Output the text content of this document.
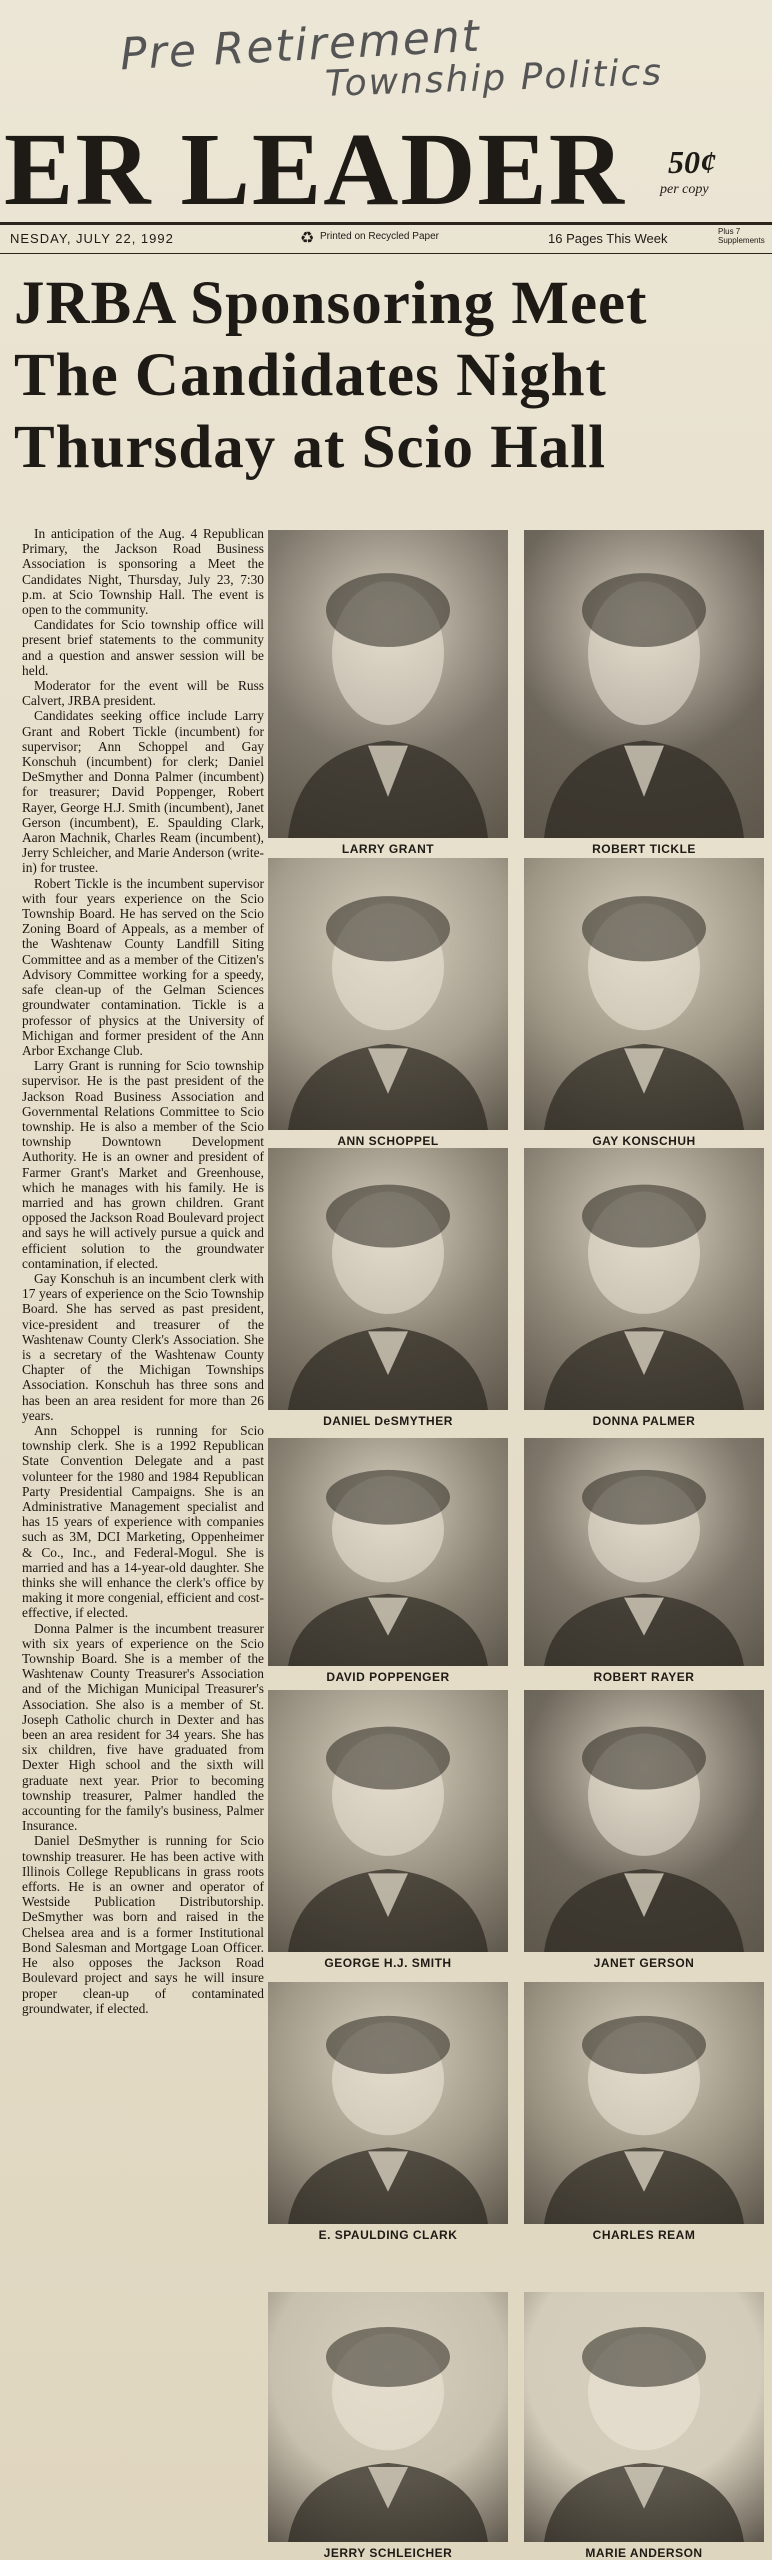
Pre Retirement
Township Politics
ER LEADER 50¢
per copy
NESDAY, JULY 22, 1992	♻ Printed on Recycled Paper	16 Pages This Week	Plus 7 Supplements
JRBA Sponsoring Meet
The Candidates Night
Thursday at Scio Hall

In anticipation of the Aug. 4 Republican Primary, the Jackson Road Business Association is sponsoring a Meet the Candidates Night, Thursday, July 23, 7:30 p.m. at Scio Township Hall. The event is open to the community.

Candidates for Scio township office will present brief statements to the community and a question and answer session will be held.

Moderator for the event will be Russ Calvert, JRBA president.

Candidates seeking office include Larry Grant and Robert Tickle (incumbent) for supervisor; Ann Schoppel and Gay Konschuh (incumbent) for clerk; Daniel DeSmyther and Donna Palmer (incumbent) for treasurer; David Poppenger, Robert Rayer, George H.J. Smith (incumbent), Janet Gerson (incumbent), E. Spaulding Clark, Aaron Machnik, Charles Ream (incumbent), Jerry Schleicher, and Marie Anderson (write-in) for trustee.

Robert Tickle is the incumbent supervisor with four years experience on the Scio Township Board. He has served on the Scio Zoning Board of Appeals, as a member of the Washtenaw County Landfill Siting Committee and as a member of the Citizen's Advisory Committee working for a speedy, safe clean-up of the Gelman Sciences groundwater contamination. Tickle is a professor of physics at the University of Michigan and former president of the Ann Arbor Exchange Club.

Larry Grant is running for Scio township supervisor. He is the past president of the Jackson Road Business Association and Governmental Relations Committee to Scio township. He is also a member of the Scio township Downtown Development Authority. He is an owner and president of Farmer Grant's Market and Greenhouse, which he manages with his family. He is married and has grown children. Grant opposed the Jackson Road Boulevard project and says he will actively pursue a quick and efficient solution to the groundwater contamination, if elected.

Gay Konschuh is an incumbent clerk with 17 years of experience on the Scio Township Board. She has served as past president, vice-president and treasurer of the Washtenaw County Clerk's Association. She is a secretary of the Washtenaw County Chapter of the Michigan Townships Association. Konschuh has three sons and has been an area resident for more than 26 years.

Ann Schoppel is running for Scio township clerk. She is a 1992 Republican State Convention Delegate and a past volunteer for the 1980 and 1984 Republican Party Presidential Campaigns. She is an Administrative Management specialist and has 15 years of experience with companies such as 3M, DCI Marketing, Oppenheimer & Co., Inc., and Federal-Mogul. She is married and has a 14-year-old daughter. She thinks she will enhance the clerk's office by making it more congenial, efficient and cost-effective, if elected.

Donna Palmer is the incumbent treasurer with six years of experience on the Scio Township Board. She is a member of the Washtenaw County Treasurer's Association and of the Michigan Municipal Treasurer's Association. She also is a member of St. Joseph Catholic church in Dexter and has been an area resident for 34 years. She has six children, five have graduated from Dexter High school and the sixth will graduate next year. Prior to becoming township treasurer, Palmer handled the accounting for the family's business, Palmer Insurance.

Daniel DeSmyther is running for Scio township treasurer. He has been active with Illinois College Republicans in grass roots efforts. He is an owner and operator of Westside Publication Distributorship. DeSmyther was born and raised in the Chelsea area and is a former Institutional Bond Salesman and Mortgage Loan Officer. He also opposes the Jackson Road Boulevard project and says he will insure proper clean-up of contaminated groundwater, if elected.

LARRY GRANT	ROBERT TICKLE
ANN SCHOPPEL	GAY KONSCHUH
DANIEL DeSMYTHER	DONNA PALMER
DAVID POPPENGER	ROBERT RAYER
GEORGE H.J. SMITH	JANET GERSON
E. SPAULDING CLARK	CHARLES REAM
JERRY SCHLEICHER	MARIE ANDERSON
